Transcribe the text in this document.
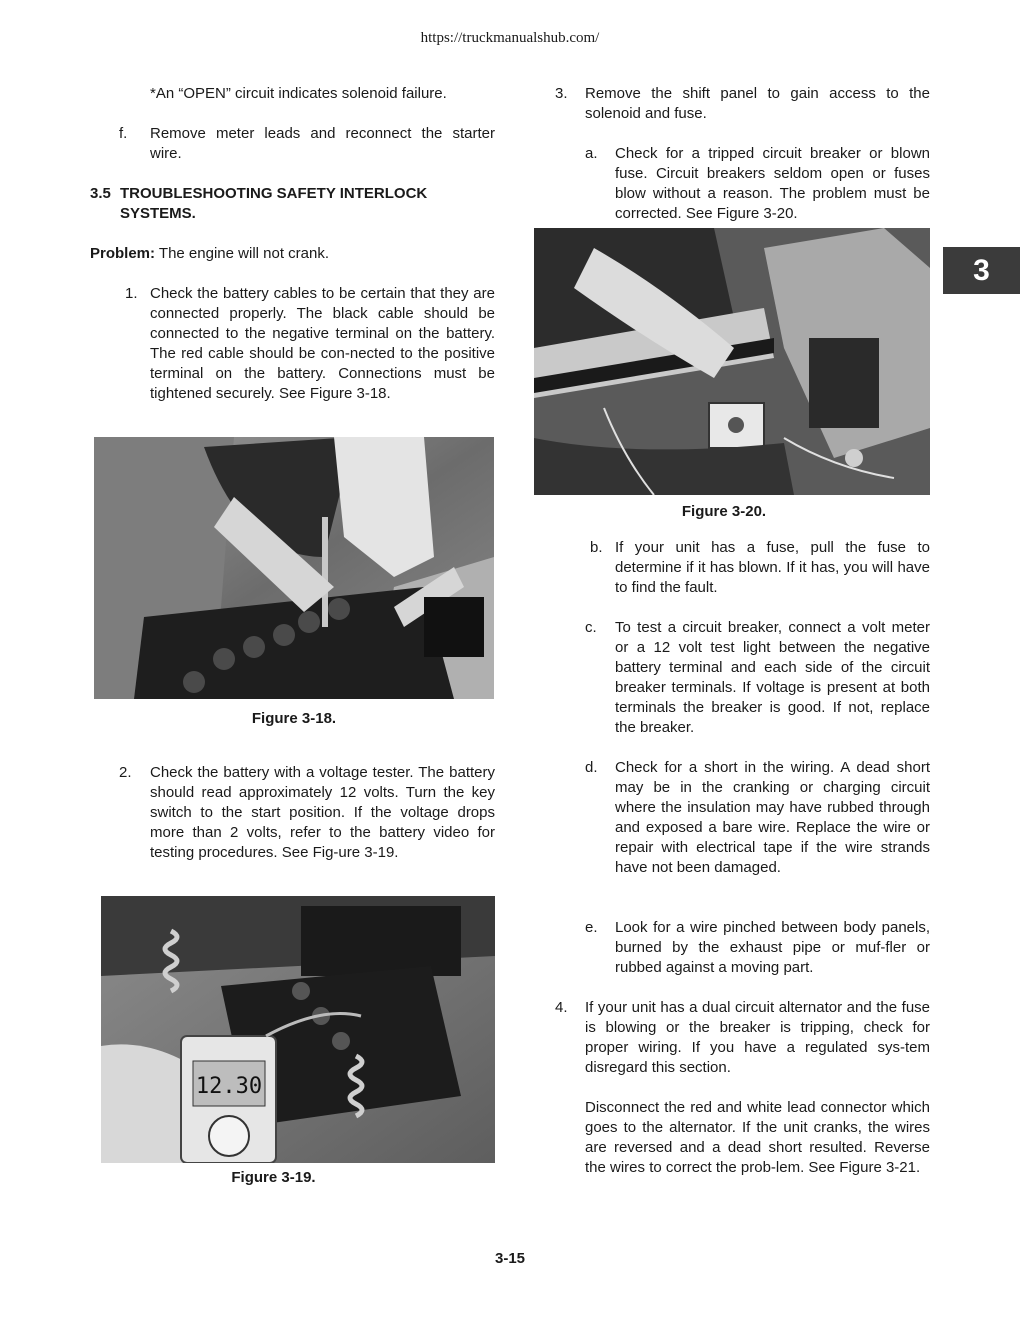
https://truckmanualshub.com/
*An “OPEN” circuit indicates solenoid failure.
f. Remove meter leads and reconnect the starter wire.
3.5 TROUBLESHOOTING SAFETY INTERLOCK SYSTEMS.
Problem: The engine will not crank.
1. Check the battery cables to be certain that they are connected properly. The black cable should be connected to the negative terminal on the battery. The red cable should be con-nected to the positive terminal on the battery. Connections must be tightened securely. See Figure 3-18.
Figure 3-18.
2. Check the battery with a voltage tester. The battery should read approximately 12 volts. Turn the key switch to the start position. If the voltage drops more than 2 volts, refer to the battery video for testing procedures. See Fig-ure 3-19.
12.30
Figure 3-19.
3. Remove the shift panel to gain access to the solenoid and fuse.
a. Check for a tripped circuit breaker or blown fuse. Circuit breakers seldom open or fuses blow without a reason. The problem must be corrected. See Figure 3-20.
Figure 3-20.
b. If your unit has a fuse, pull the fuse to determine if it has blown. If it has, you will have to find the fault.
c. To test a circuit breaker, connect a volt meter or a 12 volt test light between the negative battery terminal and each side of the circuit breaker terminals. If voltage is present at both terminals the breaker is good. If not, replace the breaker.
d. Check for a short in the wiring. A dead short may be in the cranking or charging circuit where the insulation may have rubbed through and exposed a bare wire. Replace the wire or repair with electrical tape if the wire strands have not been damaged.
e. Look for a wire pinched between body panels, burned by the exhaust pipe or muf-fler or rubbed against a moving part.
4. If your unit has a dual circuit alternator and the fuse is blowing or the breaker is tripping, check for proper wiring. If you have a regulated sys-tem disregard this section.
Disconnect the red and white lead connector which goes to the alternator. If the unit cranks, the wires are reversed and a dead short resulted. Reverse the wires to correct the prob-lem. See Figure 3-21.
3
3-15
